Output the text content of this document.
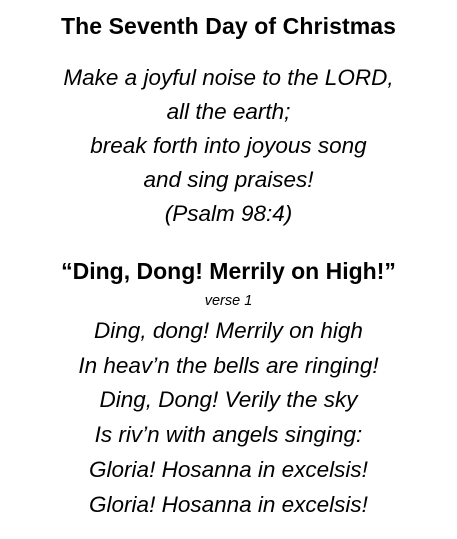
The Seventh Day of Christmas
Make a joyful noise to the LORD,
all the earth;
break forth into joyous song
and sing praises!
(Psalm 98:4)
“Ding, Dong! Merrily on High!”
verse 1
Ding, dong! Merrily on high
In heav’n the bells are ringing!
Ding, Dong! Verily the sky
Is riv’n with angels singing:
Gloria! Hosanna in excelsis!
Gloria! Hosanna in excelsis!
